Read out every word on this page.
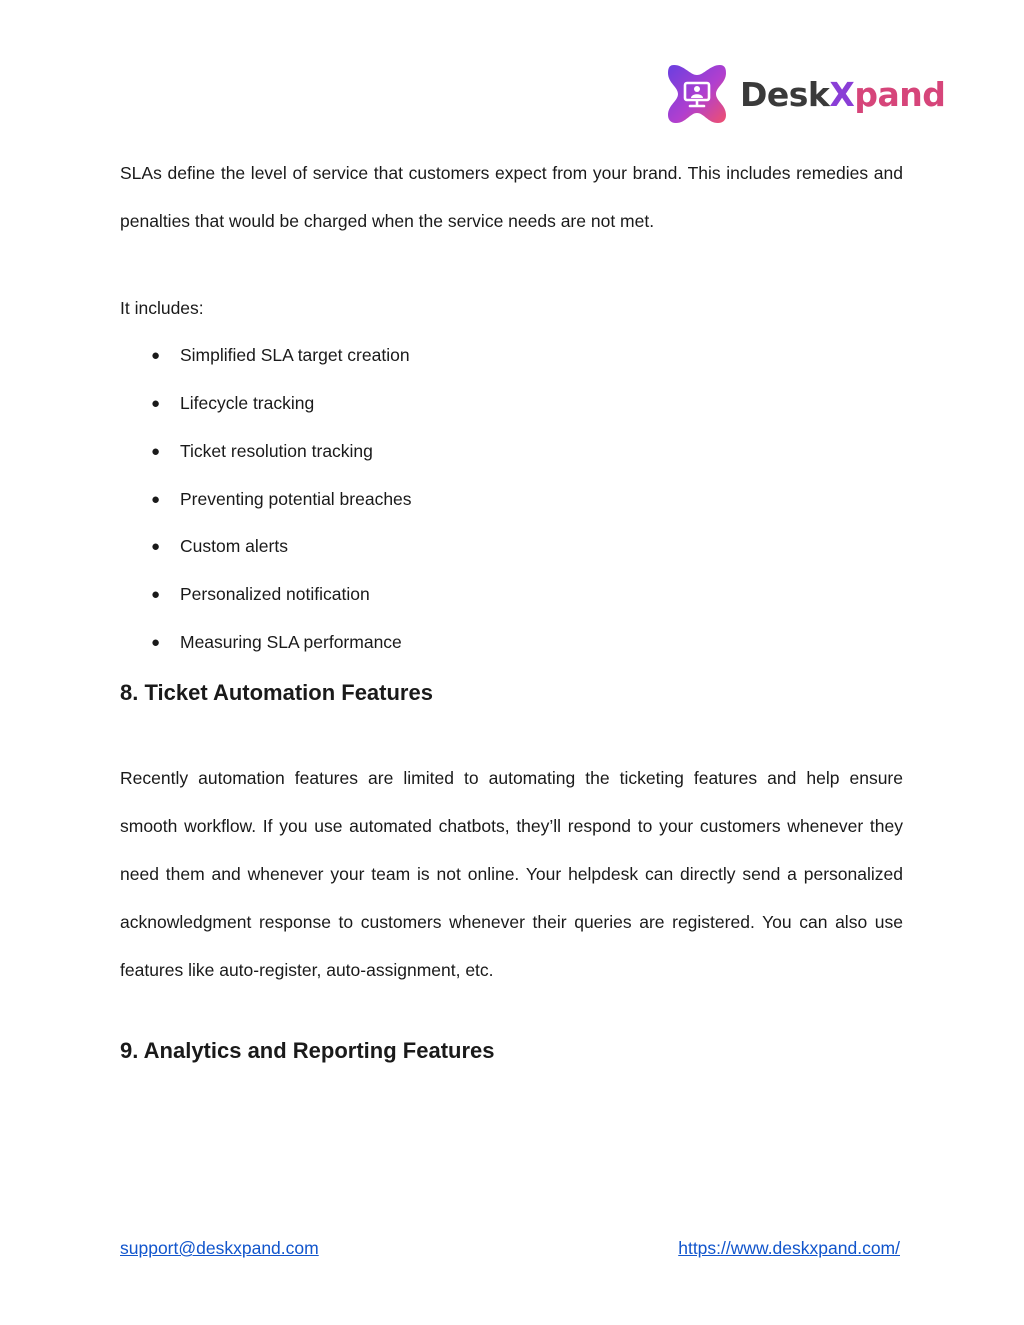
DeskXpand

SLAs define the level of service that customers expect from your brand. This includes remedies and penalties that would be charged when the service needs are not met.

It includes:

● Simplified SLA target creation
● Lifecycle tracking
● Ticket resolution tracking
● Preventing potential breaches
● Custom alerts
● Personalized notification
● Measuring SLA performance
8. Ticket Automation Features

Recently automation features are limited to automating the ticketing features and help ensure smooth workflow. If you use automated chatbots, they’ll respond to your customers whenever they need them and whenever your team is not online. Your helpdesk can directly send a personalized acknowledgment response to customers whenever their queries are registered. You can also use features like auto-register, auto-assignment, etc.

9. Analytics and Reporting Features
support@deskxpand.com	https://www.deskxpand.com/
